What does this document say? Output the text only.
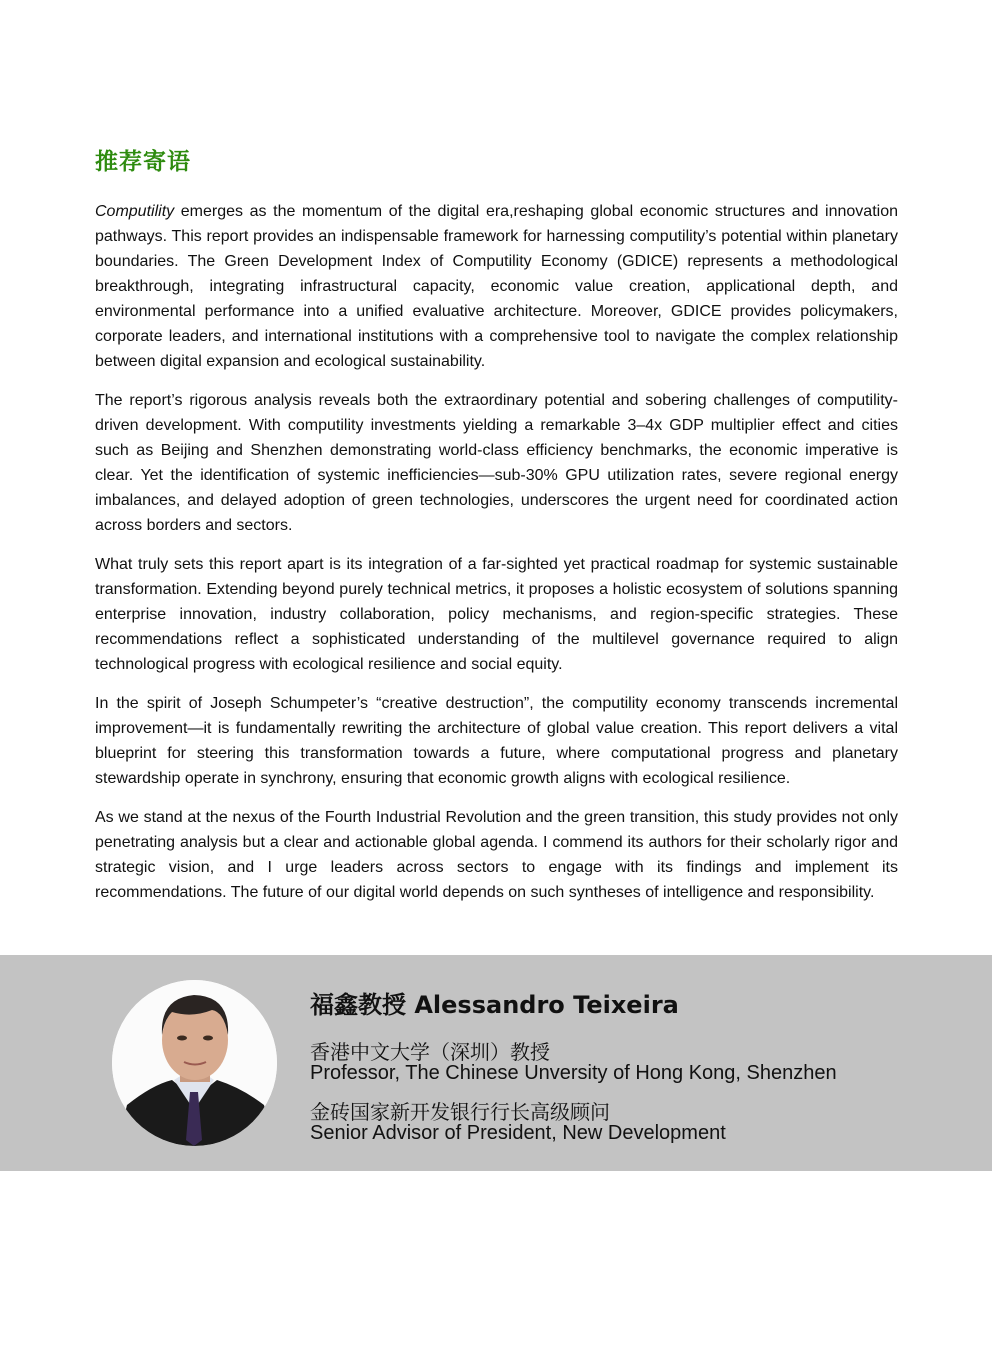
推荐寄语

Computility emerges as the momentum of the digital era,reshaping global economic structures and innovation pathways. This report provides an indispensable framework for harnessing computility’s potential within planetary boundaries. The Green Development Index of Computility Economy (GDICE) represents a methodological breakthrough, integrating infrastructural capacity, economic value creation, applicational depth, and environmental performance into a unified evaluative architecture. Moreover, GDICE provides policymakers, corporate leaders, and international institutions with a comprehensive tool to navigate the complex relationship between digital expansion and ecological sustainability.

The report’s rigorous analysis reveals both the extraordinary potential and sobering challenges of computility-driven development. With computility investments yielding a remarkable 3–4x GDP multiplier effect and cities such as Beijing and Shenzhen demonstrating world-class efficiency benchmarks, the economic imperative is clear. Yet the identification of systemic inefficiencies—sub-30% GPU utilization rates, severe regional energy imbalances, and delayed adoption of green technologies, underscores the urgent need for coordinated action across borders and sectors.

What truly sets this report apart is its integration of a far-sighted yet practical roadmap for systemic sustainable transformation. Extending beyond purely technical metrics, it proposes a holistic ecosystem of solutions spanning enterprise innovation, industry collaboration, policy mechanisms, and region-specific strategies. These recommendations reflect a sophisticated understanding of the multilevel governance required to align technological progress with ecological resilience and social equity.

In the spirit of Joseph Schumpeter’s “creative destruction”, the computility economy transcends incremental improvement—it is fundamentally rewriting the architecture of global value creation. This report delivers a vital blueprint for steering this transformation towards a future, where computational progress and planetary stewardship operate in synchrony, ensuring that economic growth aligns with ecological resilience.

As we stand at the nexus of the Fourth Industrial Revolution and the green transition, this study provides not only penetrating analysis but a clear and actionable global agenda. I commend its authors for their scholarly rigor and strategic vision, and I urge leaders across sectors to engage with its findings and implement its recommendations. The future of our digital world depends on such syntheses of intelligence and responsibility.

福鑫教授 Alessandro Teixeira
香港中文大学（深圳）教授
Professor, The Chinese Unversity of Hong Kong, Shenzhen
金砖国家新开发银行行长高级顾问
Senior Advisor of President, New Development
